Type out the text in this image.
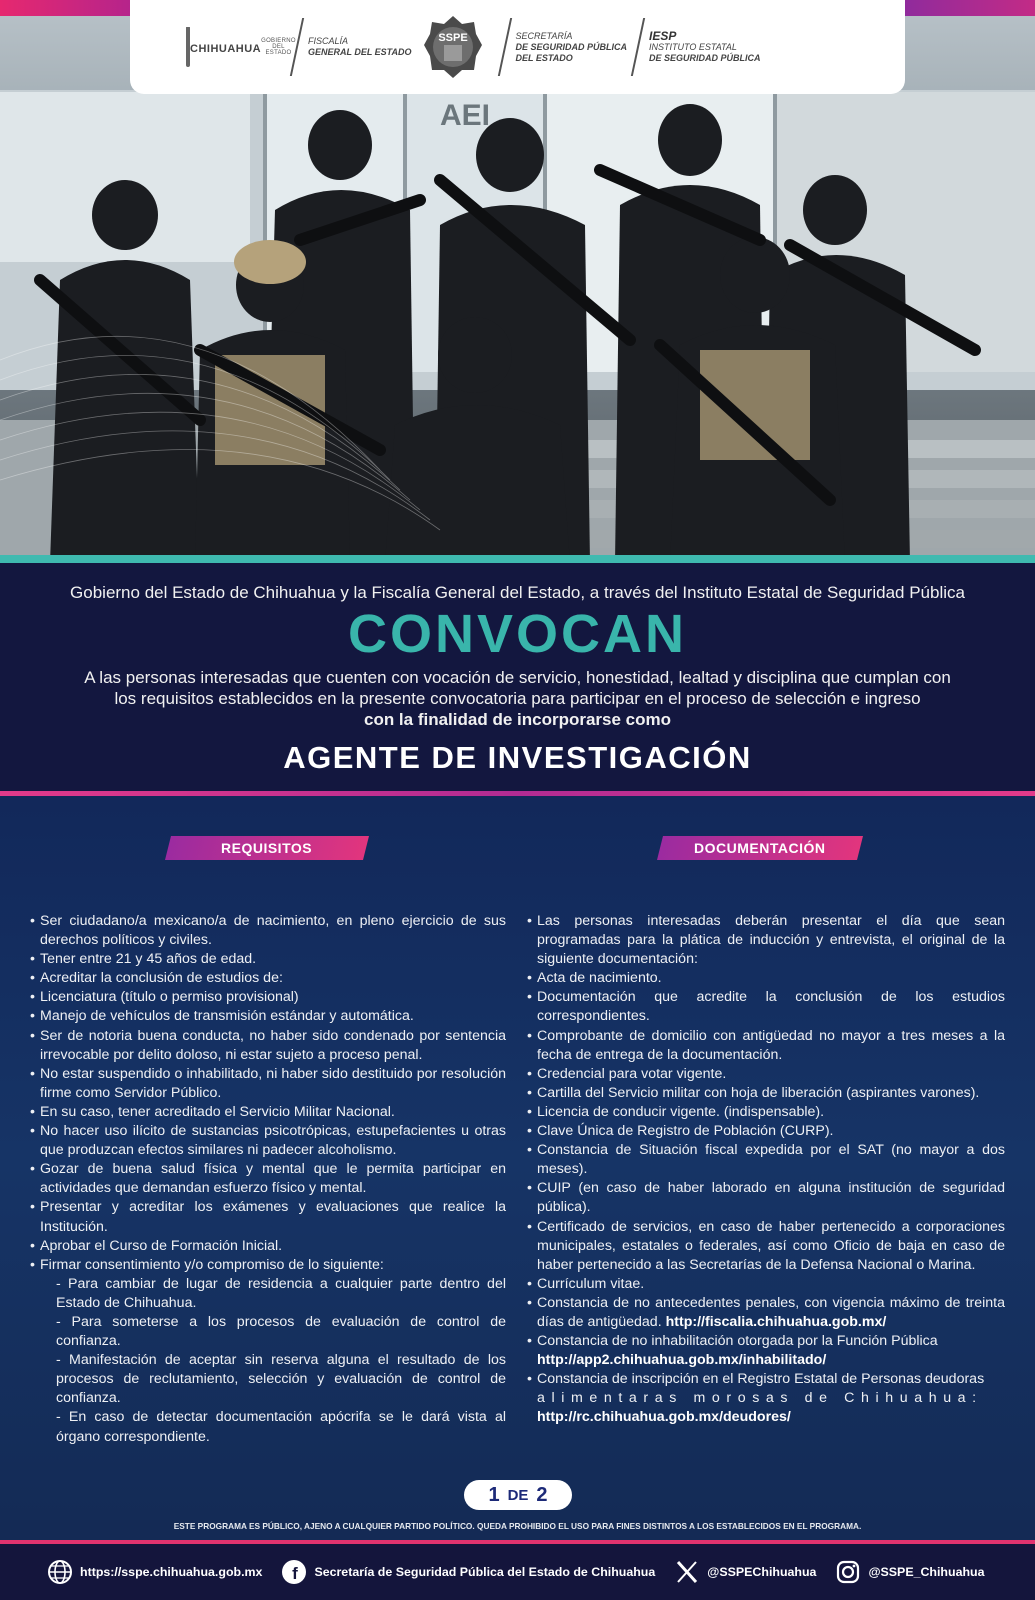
AEI
CHIHUAHUA
GOBIERNO DEL ESTADO
FISCALÍA
GENERAL DEL ESTADO
SSPE	SECRETARÍA
DE SEGURIDAD PÚBLICA
DEL ESTADO
IESP
INSTITUTO ESTATAL
DE SEGURIDAD PÚBLICA
Gobierno del Estado de Chihuahua y la Fiscalía General del Estado, a través del Instituto Estatal de Seguridad Pública
CONVOCAN
A las personas interesadas que cuenten con vocación de servicio, honestidad, lealtad y disciplina que cumplan con
los requisitos establecidos en la presente convocatoria para participar en el proceso de selección e ingreso
con la finalidad de incorporarse como
AGENTE DE INVESTIGACIÓN
REQUISITOS	DOCUMENTACIÓN
• Ser ciudadano/a mexicano/a de nacimiento, en pleno ejercicio de sus derechos políticos y civiles.
• Tener entre 21 y 45 años de edad.
• Acreditar la conclusión de estudios de:
• Licenciatura (título o permiso provisional)
• Manejo de vehículos de transmisión estándar y automática.
• Ser de notoria buena conducta, no haber sido condenado por sentencia irrevocable por delito doloso, ni estar sujeto a proceso penal.
• No estar suspendido o inhabilitado, ni haber sido destituido por resolución firme como Servidor Público.
• En su caso, tener acreditado el Servicio Militar Nacional.
• No hacer uso ilícito de sustancias psicotrópicas, estupefacientes u otras que produzcan efectos similares ni padecer alcoholismo.
• Gozar de buena salud física y mental que le permita participar en actividades que demandan esfuerzo físico y mental.
• Presentar y acreditar los exámenes y evaluaciones que realice la Institución.
• Aprobar el Curso de Formación Inicial.
• Firmar consentimiento y/o compromiso de lo siguiente:
- Para cambiar de lugar de residencia a cualquier parte dentro del Estado de Chihuahua.
- Para someterse a los procesos de evaluación de control de confianza.
- Manifestación de aceptar sin reserva alguna el resultado de los procesos de reclutamiento, selección y evaluación de control de confianza.
- En caso de detectar documentación apócrifa se le dará vista al órgano correspondiente.
• Las personas interesadas deberán presentar el día que sean programadas para la plática de inducción y entrevista, el original de la siguiente documentación:
• Acta de nacimiento.
• Documentación que acredite la conclusión de los estudios correspondientes.
• Comprobante de domicilio con antigüedad no mayor a tres meses a la fecha de entrega de la documentación.
• Credencial para votar vigente.
• Cartilla del Servicio militar con hoja de liberación (aspirantes varones).
• Licencia de conducir vigente. (indispensable).
• Clave Única de Registro de Población (CURP).
• Constancia de Situación fiscal expedida por el SAT (no mayor a dos meses).
• CUIP (en caso de haber laborado en alguna institución de seguridad pública).
• Certificado de servicios, en caso de haber pertenecido a corporaciones municipales, estatales o federales, así como Oficio de baja en caso de haber pertenecido a las Secretarías de la Defensa Nacional o Marina.
• Currículum vitae.
• Constancia de no antecedentes penales, con vigencia máximo de treinta días de antigüedad. http://fiscalia.chihuahua.gob.mx/
• Constancia de no inhabilitación otorgada por la Función Pública
http://app2.chihuahua.gob.mx/inhabilitado/
• Constancia de inscripción en el Registro Estatal de Personas deudoras
alimentaras morosas de Chihuahua:
http://rc.chihuahua.gob.mx/deudores/
1 DE 2
ESTE PROGRAMA ES PÚBLICO, AJENO A CUALQUIER PARTIDO POLÍTICO. QUEDA PROHIBIDO EL USO PARA FINES DISTINTOS A LOS ESTABLECIDOS EN EL PROGRAMA.
https://sspe.chihuahua.gob.mx f Secretaría de Seguridad Pública del Estado de Chihuahua	@SSPEChihuahua	@SSPE_Chihuahua
